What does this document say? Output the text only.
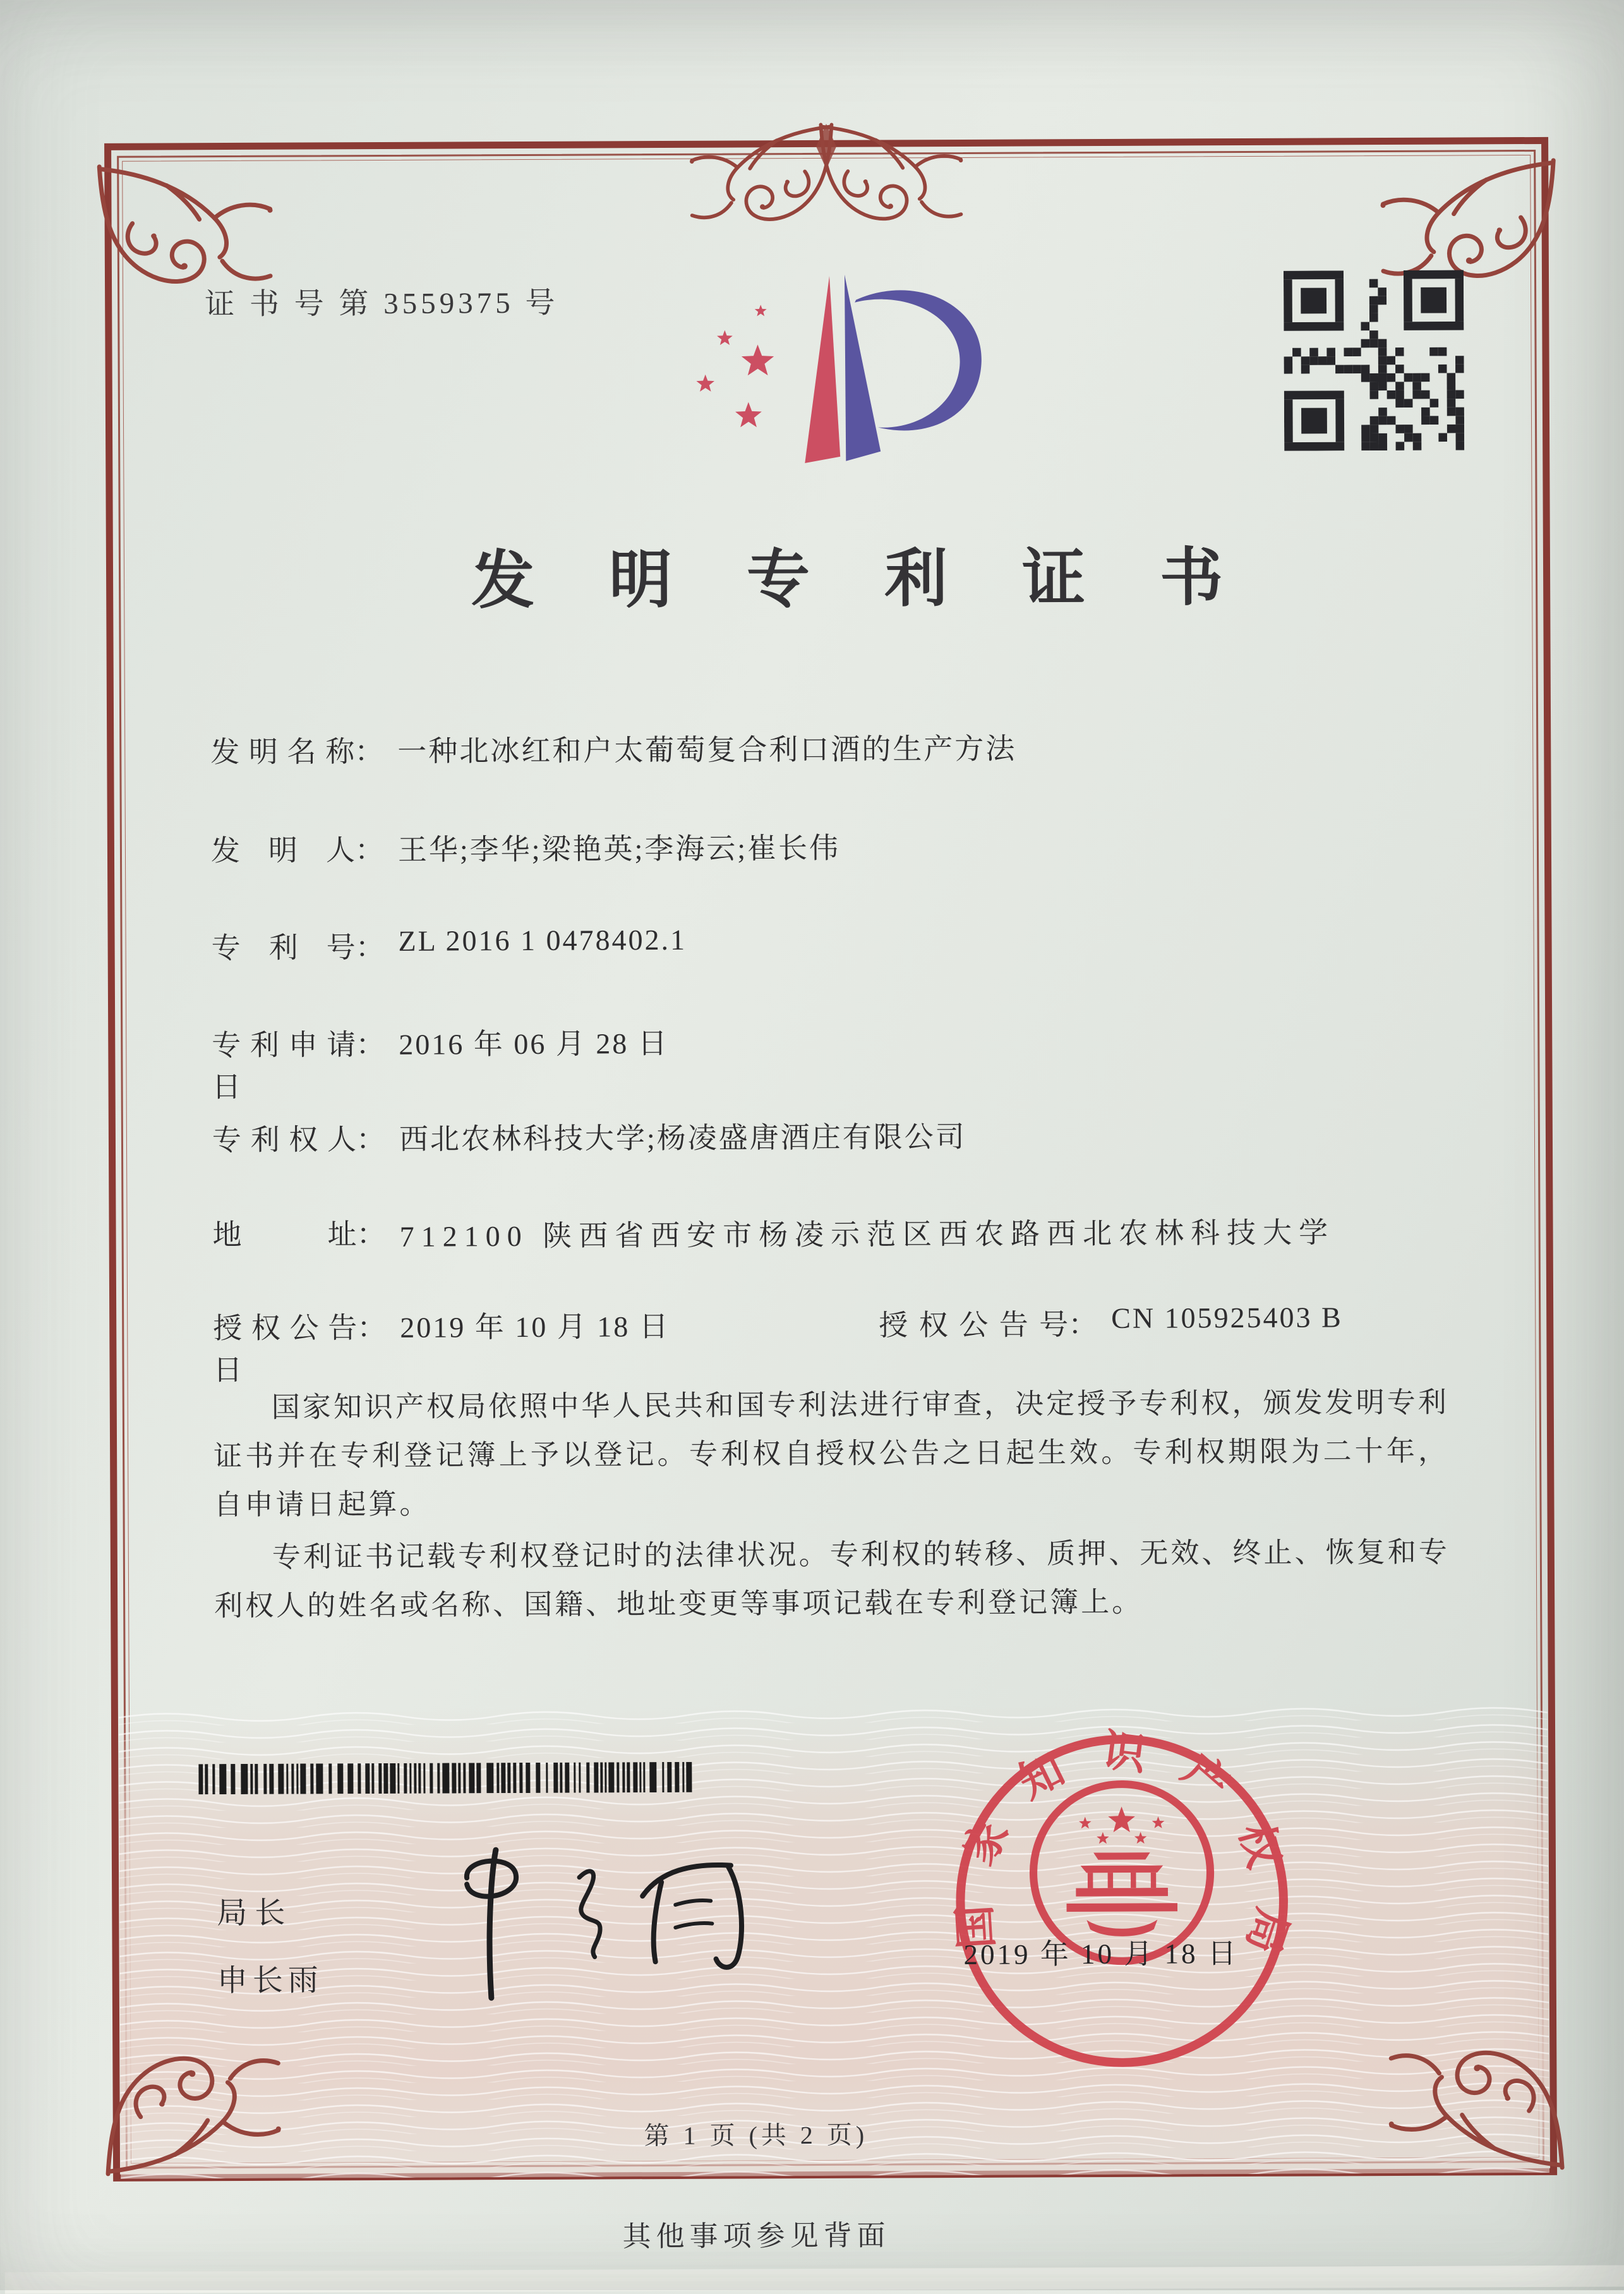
证 书 号 第 3559375 号
发明专利证书
发明名称 ： 一种北冰红和户太葡萄复合利口酒的生产方法
发明人 ： 王华;李华;梁艳英;李海云;崔长伟
专利号 ： ZL 2016 1 0478402.1
专利申请日
： 2016 年 06 月 28 日
专利权人 ： 西北农林科技大学;杨凌盛唐酒庄有限公司
地址 ： 712100 陕西省西安市杨凌示范区西农路西北农林科技大学
授权公告日
： 2019 年 10 月 18 日	授权公告号 ： CN 105925403 B

国家知识产权局依照中华人民共和国专利法进行审查，决定授予专利权，颁发发明专利证书并在专利登记簿上予以登记。专利权自授权公告之日起生效。专利权期限为二十年，自申请日起算。

专利证书记载专利权登记时的法律状况。专利权的转移、质押、无效、终止、恢复和专利权人的姓名或名称、国籍、地址变更等事项记载在专利登记簿上。

局长
申长雨
国家知识产权局
2019 年 10 月 18 日
第 1 页 (共 2 页)
其他事项参见背面
